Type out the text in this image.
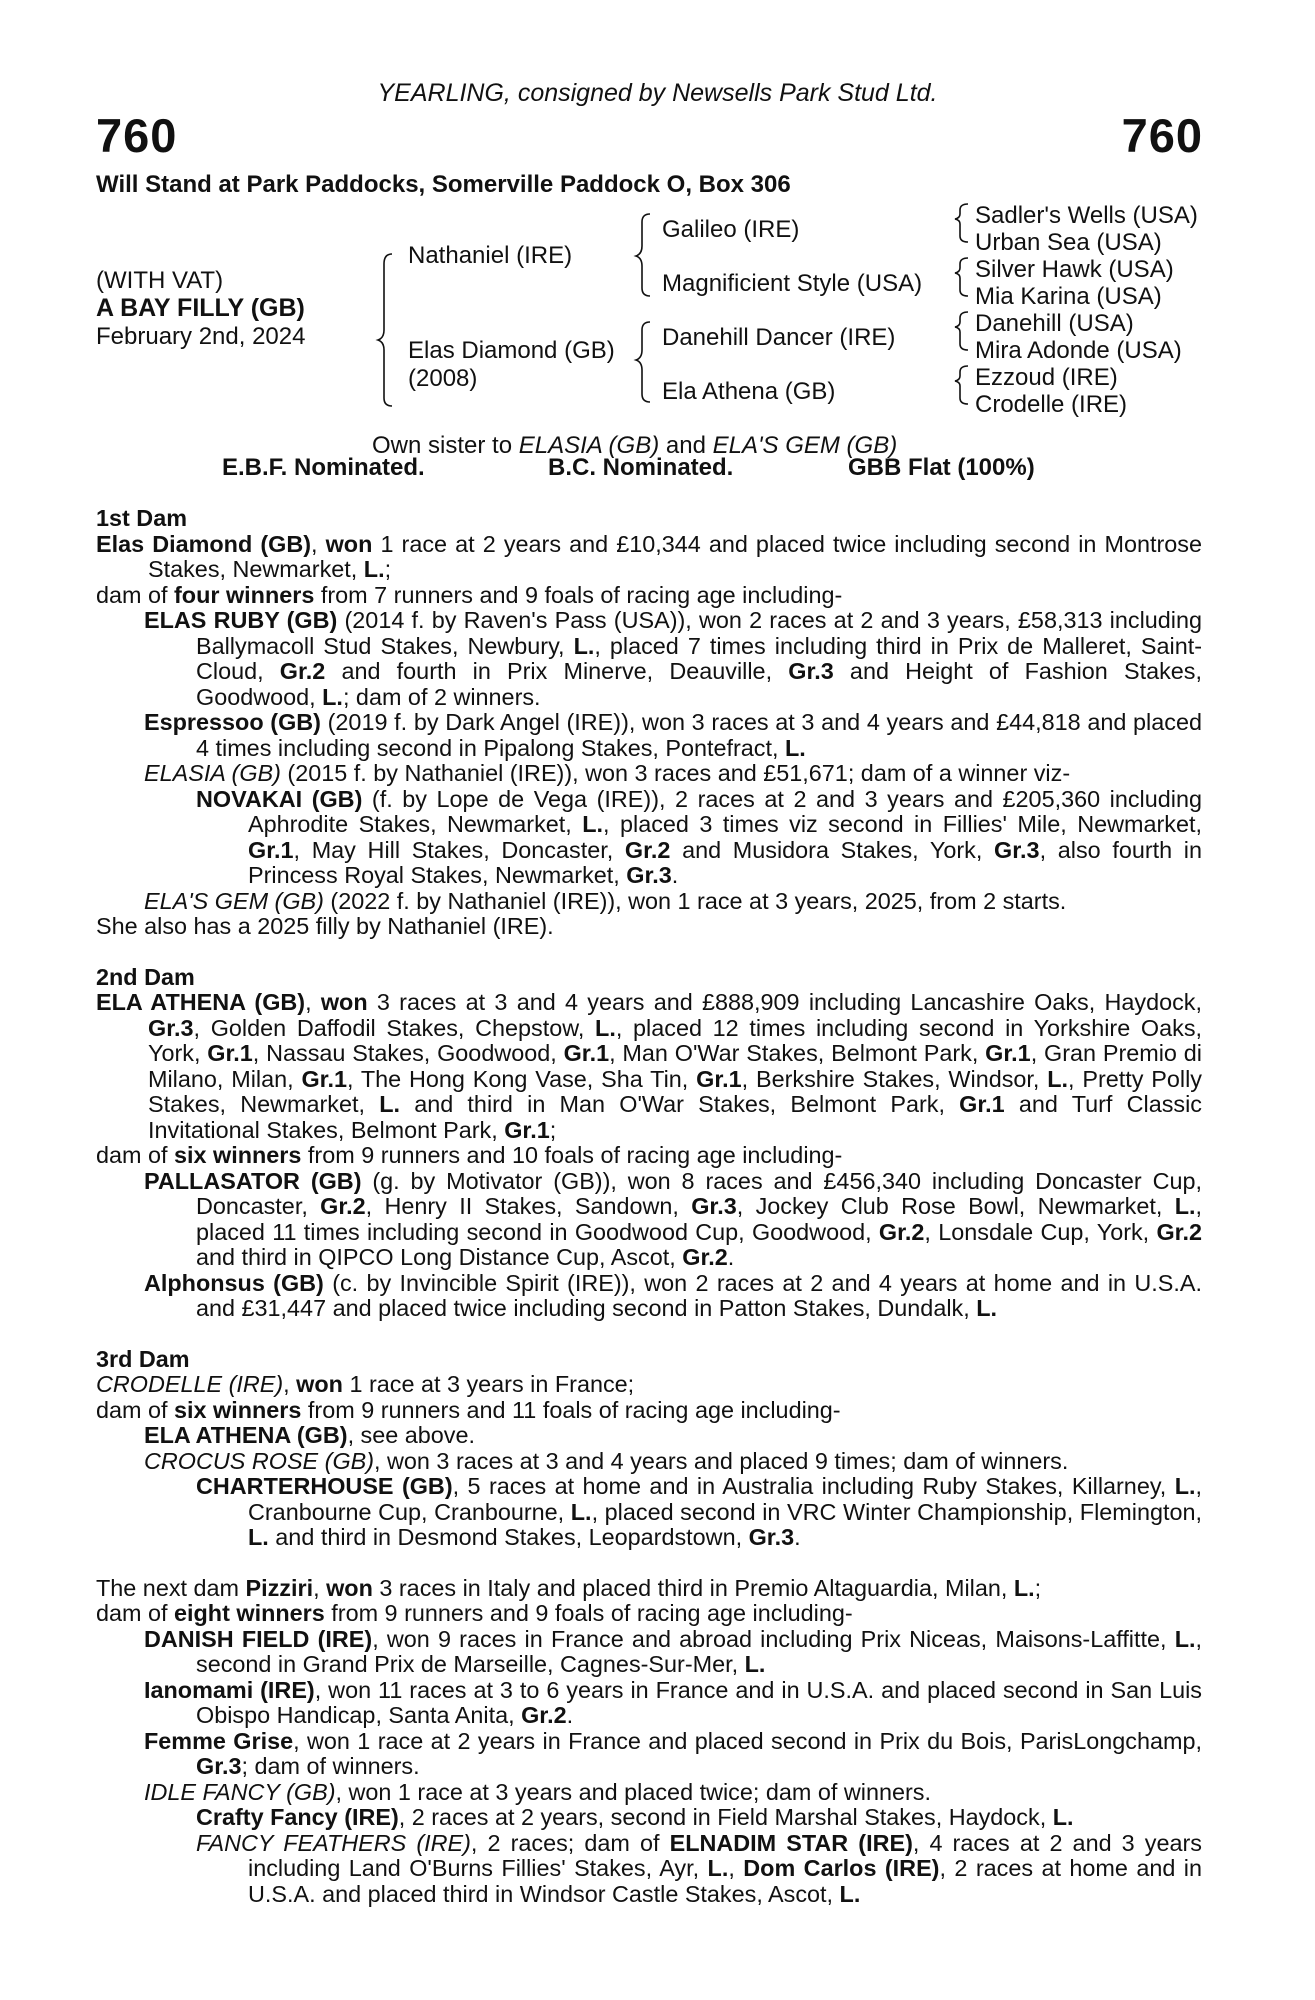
YEARLING, consigned by Newsells Park Stud Ltd.
760	760
Will Stand at Park Paddocks, Somerville Paddock O, Box 306
(WITH VAT)
A BAY FILLY (GB)
February 2nd, 2024
Nathaniel (IRE)
Elas Diamond (GB)
(2008)
Galileo (IRE)
Magnificient Style (USA)
Danehill Dancer (IRE)
Ela Athena (GB)
Sadler's Wells (USA)
Urban Sea (USA)
Silver Hawk (USA)
Mia Karina (USA)
Danehill (USA)
Mira Adonde (USA)
Ezzoud (IRE)
Crodelle (IRE)
Own sister to ELASIA (GB) and ELA'S GEM (GB)
E.B.F. Nominated.	B.C. Nominated.	GBB Flat (100%)
1st Dam

Elas Diamond (GB), won 1 race at 2 years and £10,344 and placed twice including second in Montrose Stakes, Newmarket, L.;

dam of four winners from 7 runners and 9 foals of racing age including-

ELAS RUBY (GB) (2014 f. by Raven's Pass (USA)), won 2 races at 2 and 3 years, £58,313 including Ballymacoll Stud Stakes, Newbury, L., placed 7 times including third in Prix de Malleret, Saint-Cloud, Gr.2 and fourth in Prix Minerve, Deauville, Gr.3 and Height of Fashion Stakes, Goodwood, L.; dam of 2 winners.

Espressoo (GB) (2019 f. by Dark Angel (IRE)), won 3 races at 3 and 4 years and £44,818 and placed 4 times including second in Pipalong Stakes, Pontefract, L.

ELASIA (GB) (2015 f. by Nathaniel (IRE)), won 3 races and £51,671; dam of a winner viz-

NOVAKAI (GB) (f. by Lope de Vega (IRE)), 2 races at 2 and 3 years and £205,360 including Aphrodite Stakes, Newmarket, L., placed 3 times viz second in Fillies' Mile, Newmarket, Gr.1, May Hill Stakes, Doncaster, Gr.2 and Musidora Stakes, York, Gr.3, also fourth in Princess Royal Stakes, Newmarket, Gr.3.

ELA'S GEM (GB) (2022 f. by Nathaniel (IRE)), won 1 race at 3 years, 2025, from 2 starts.

She also has a 2025 filly by Nathaniel (IRE).

2nd Dam

ELA ATHENA (GB), won 3 races at 3 and 4 years and £888,909 including Lancashire Oaks, Haydock, Gr.3, Golden Daffodil Stakes, Chepstow, L., placed 12 times including second in Yorkshire Oaks, York, Gr.1, Nassau Stakes, Goodwood, Gr.1, Man O'War Stakes, Belmont Park, Gr.1, Gran Premio di Milano, Milan, Gr.1, The Hong Kong Vase, Sha Tin, Gr.1, Berkshire Stakes, Windsor, L., Pretty Polly Stakes, Newmarket, L. and third in Man O'War Stakes, Belmont Park, Gr.1 and Turf Classic Invitational Stakes, Belmont Park, Gr.1;

dam of six winners from 9 runners and 10 foals of racing age including-

PALLASATOR (GB) (g. by Motivator (GB)), won 8 races and £456,340 including Doncaster Cup, Doncaster, Gr.2, Henry II Stakes, Sandown, Gr.3, Jockey Club Rose Bowl, Newmarket, L., placed 11 times including second in Goodwood Cup, Goodwood, Gr.2, Lonsdale Cup, York, Gr.2 and third in QIPCO Long Distance Cup, Ascot, Gr.2.

Alphonsus (GB) (c. by Invincible Spirit (IRE)), won 2 races at 2 and 4 years at home and in U.S.A. and £31,447 and placed twice including second in Patton Stakes, Dundalk, L.

3rd Dam

CRODELLE (IRE), won 1 race at 3 years in France;

dam of six winners from 9 runners and 11 foals of racing age including-

ELA ATHENA (GB), see above.

CROCUS ROSE (GB), won 3 races at 3 and 4 years and placed 9 times; dam of winners.

CHARTERHOUSE (GB), 5 races at home and in Australia including Ruby Stakes, Killarney, L., Cranbourne Cup, Cranbourne, L., placed second in VRC Winter Championship, Flemington, L. and third in Desmond Stakes, Leopardstown, Gr.3.

The next dam Pizziri, won 3 races in Italy and placed third in Premio Altaguardia, Milan, L.;

dam of eight winners from 9 runners and 9 foals of racing age including-

DANISH FIELD (IRE), won 9 races in France and abroad including Prix Niceas, Maisons-Laffitte, L., second in Grand Prix de Marseille, Cagnes-Sur-Mer, L.

Ianomami (IRE), won 11 races at 3 to 6 years in France and in U.S.A. and placed second in San Luis Obispo Handicap, Santa Anita, Gr.2.

Femme Grise, won 1 race at 2 years in France and placed second in Prix du Bois, ParisLongchamp, Gr.3; dam of winners.

IDLE FANCY (GB), won 1 race at 3 years and placed twice; dam of winners.

Crafty Fancy (IRE), 2 races at 2 years, second in Field Marshal Stakes, Haydock, L.

FANCY FEATHERS (IRE), 2 races; dam of ELNADIM STAR (IRE), 4 races at 2 and 3 years including Land O'Burns Fillies' Stakes, Ayr, L., Dom Carlos (IRE), 2 races at home and in U.S.A. and placed third in Windsor Castle Stakes, Ascot, L.
